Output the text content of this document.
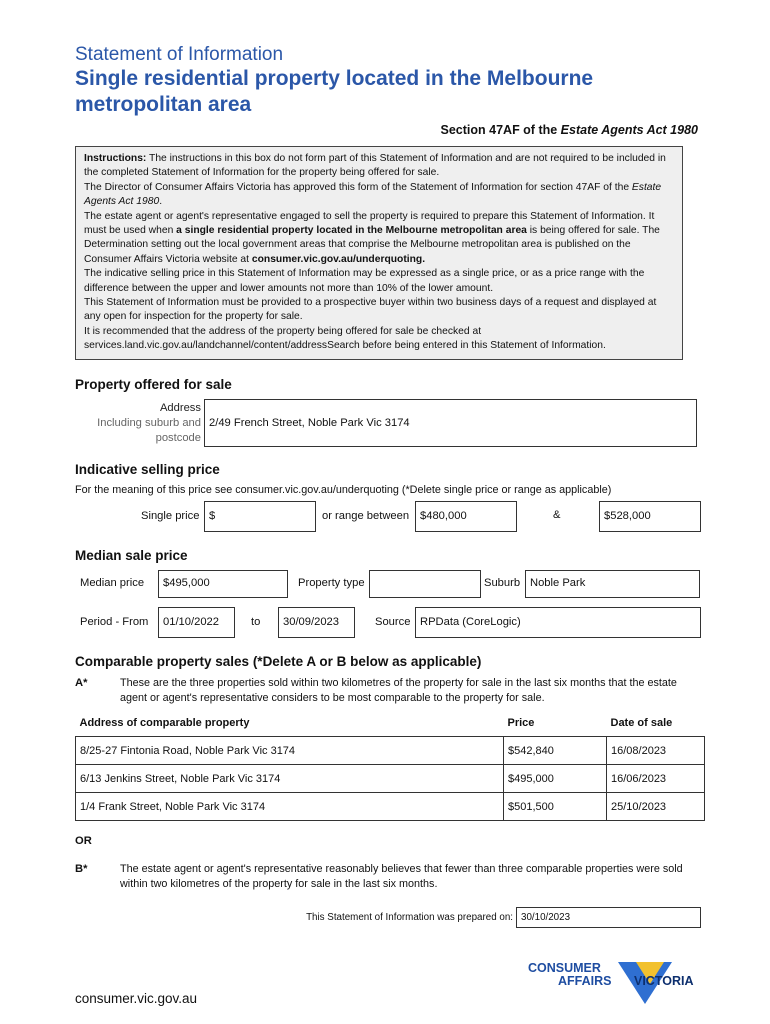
Statement of Information
Single residential property located in the Melbourne metropolitan area
Section 47AF of the Estate Agents Act 1980

Instructions: The instructions in this box do not form part of this Statement of Information and are not required to be included in the completed Statement of Information for the property being offered for sale.

The Director of Consumer Affairs Victoria has approved this form of the Statement of Information for section 47AF of the Estate Agents Act 1980.

The estate agent or agent's representative engaged to sell the property is required to prepare this Statement of Information. It must be used when a single residential property located in the Melbourne metropolitan area is being offered for sale. The Determination setting out the local government areas that comprise the Melbourne metropolitan area is published on the Consumer Affairs Victoria website at consumer.vic.gov.au/underquoting.

The indicative selling price in this Statement of Information may be expressed as a single price, or as a price range with the difference between the upper and lower amounts not more than 10% of the lower amount.

This Statement of Information must be provided to a prospective buyer within two business days of a request and displayed at any open for inspection for the property for sale.

It is recommended that the address of the property being offered for sale be checked at services.land.vic.gov.au/landchannel/content/addressSearch before being entered in this Statement of Information.

Property offered for sale
Address
Including suburb and
postcode
2/49 French Street, Noble Park Vic 3174
Indicative selling price
For the meaning of this price see consumer.vic.gov.au/underquoting (*Delete single price or range as applicable)
Single price $	or range between $480,000	&	$528,000
Median sale price
Median price	$495,000	Property type	Suburb Noble Park
Period - From	01/10/2022	to	30/09/2023	Source RPData (CoreLogic)
Comparable property sales (*Delete A or B below as applicable)
A*	These are the three properties sold within two kilometres of the property for sale in the last six months that the estate agent or agent's representative considers to be most comparable to the property for sale.
Address of comparable property	Price	Date of sale
8/25-27 Fintonia Road, Noble Park Vic 3174	$542,840	16/08/2023
6/13 Jenkins Street, Noble Park Vic 3174	$495,000	16/06/2023
1/4 Frank Street, Noble Park Vic 3174	$501,500	25/10/2023
OR
B*	The estate agent or agent's representative reasonably believes that fewer than three comparable properties were sold within two kilometres of the property for sale in the last six months.
This Statement of Information was prepared on: 30/10/2023
CONSUMER
AFFAIRS VICTORIA
consumer.vic.gov.au
